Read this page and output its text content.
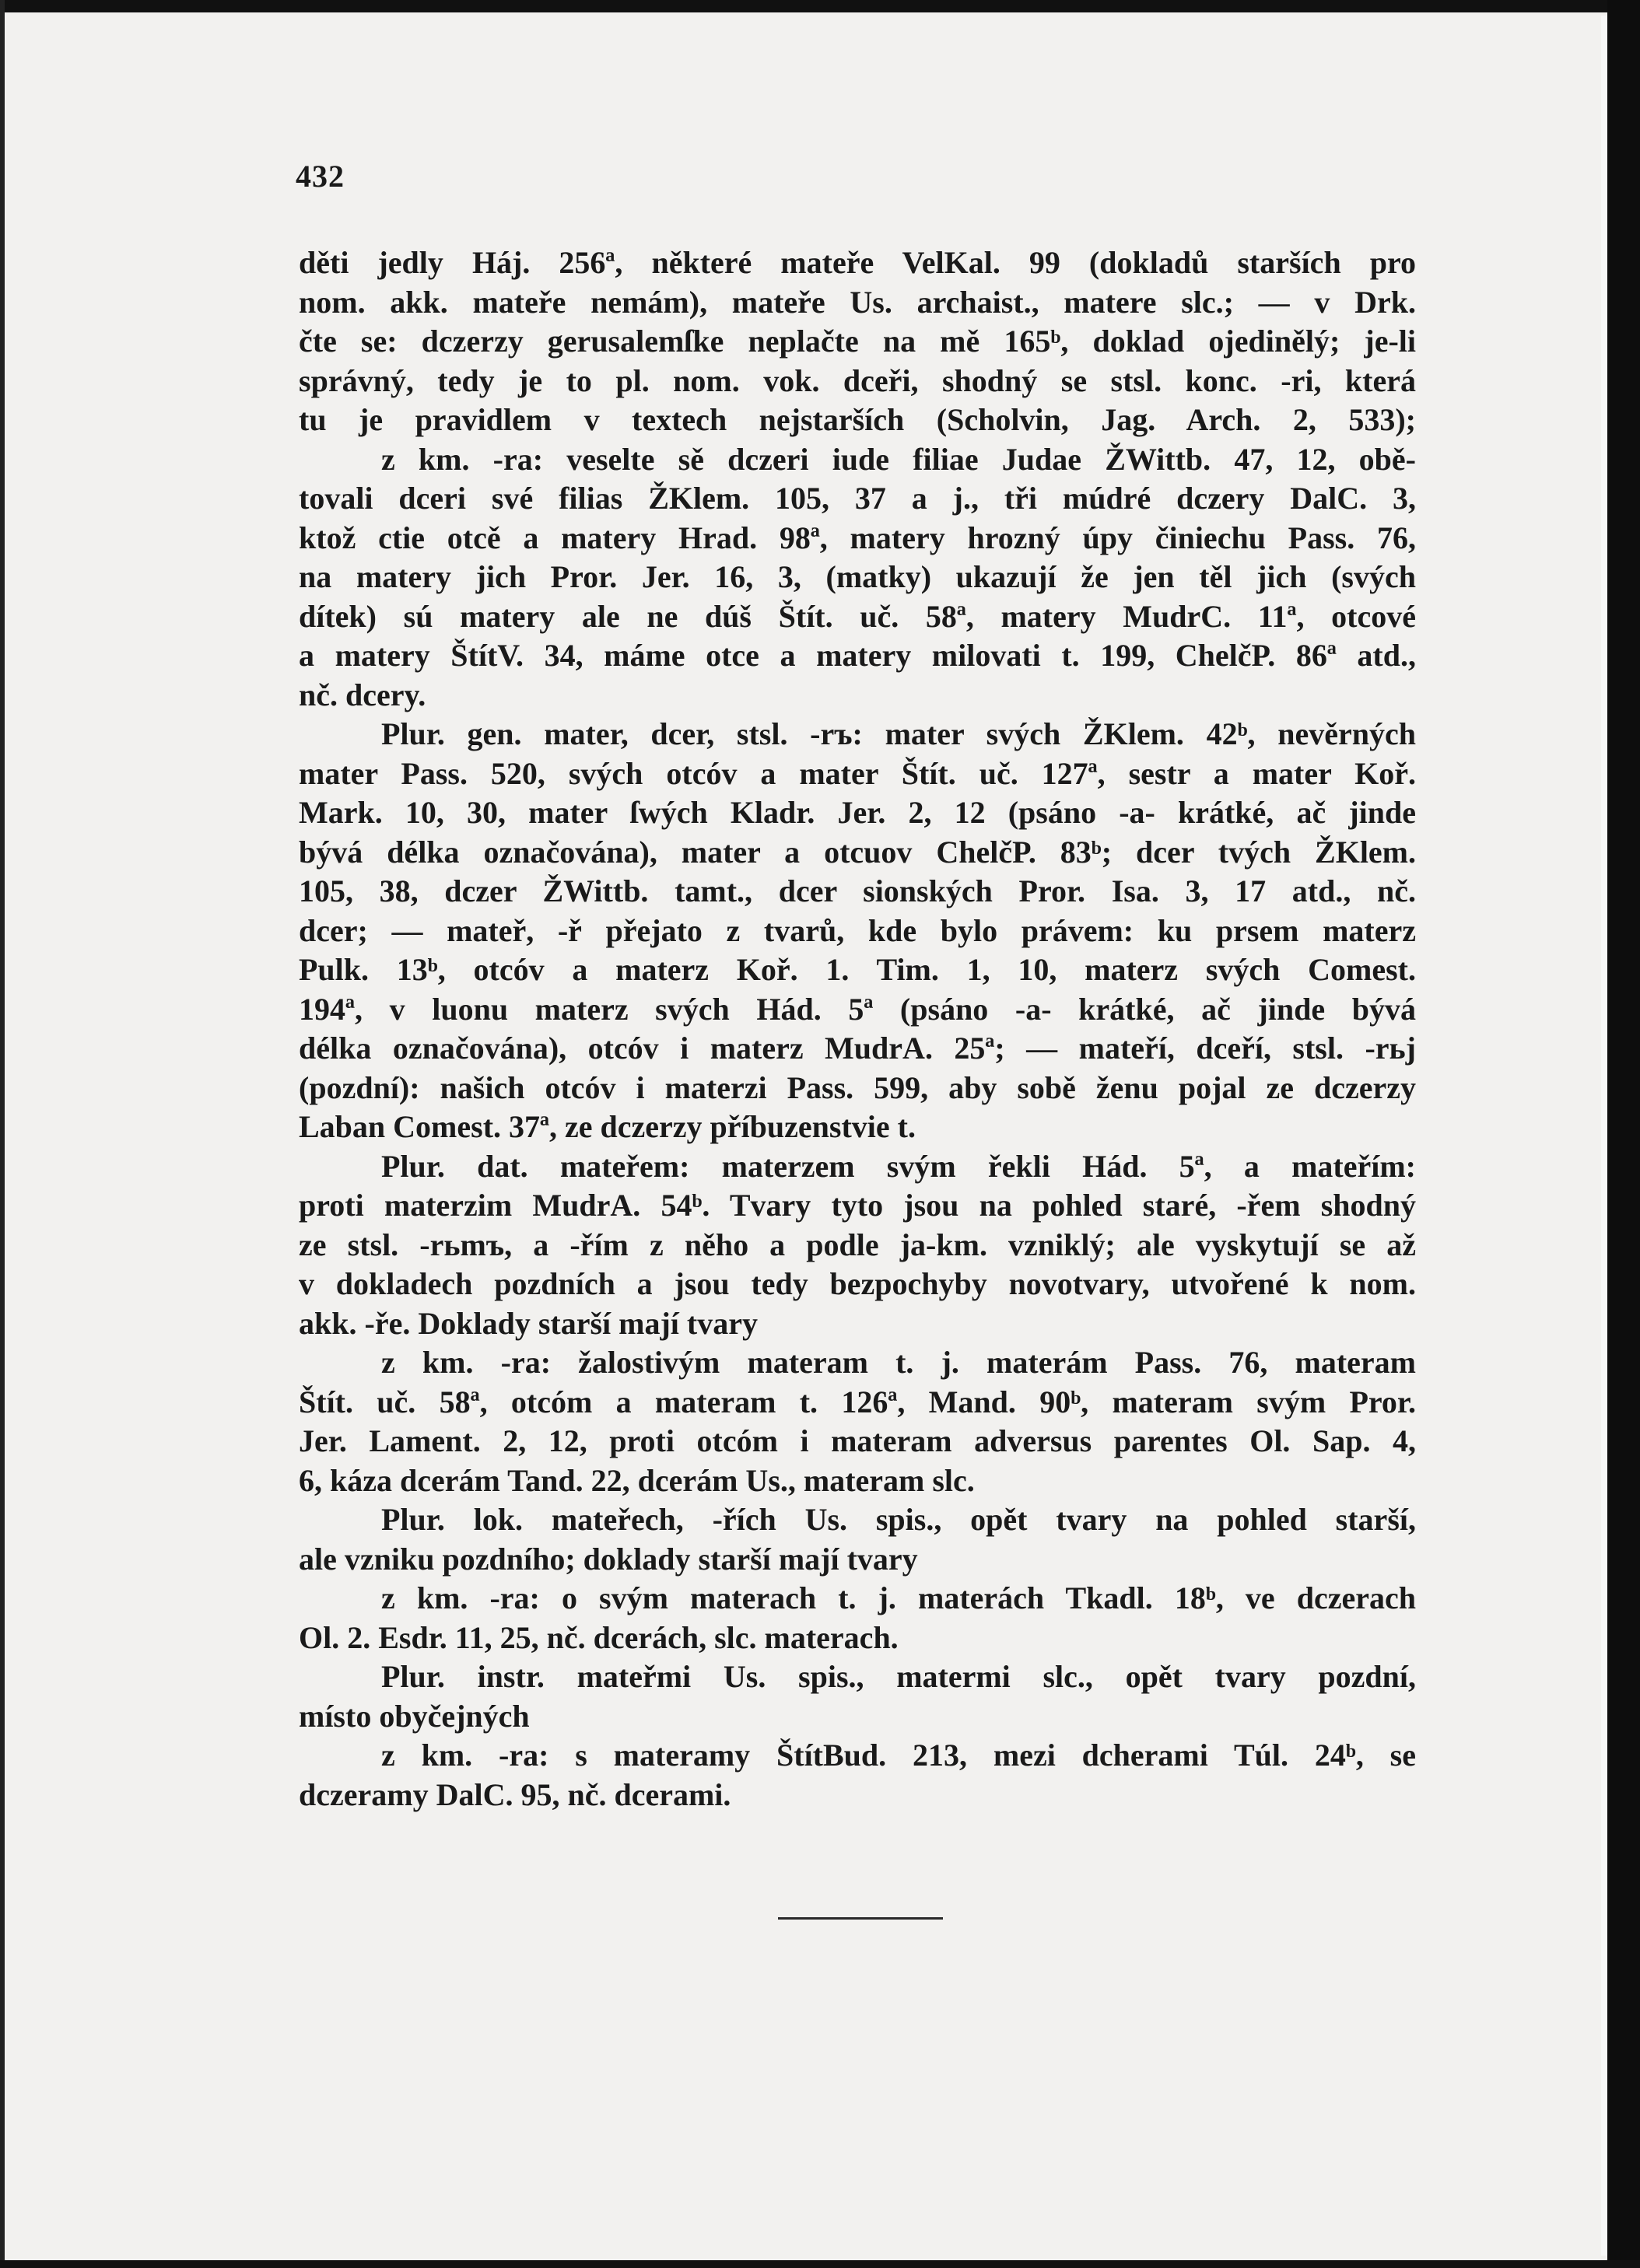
432
děti jedly Háj. 256ª, některé mateře VelKal. 99 (dokladů starších pro
nom. akk. mateře nemám), mateře Us. archaist., matere slc.; — v Drk.
čte se: dczerzy gerusalemſke neplačte na mě 165ᵇ, doklad ojedinělý; je-li
správný, tedy je to pl. nom. vok. dceři, shodný se stsl. konc. -ri, která
tu je pravidlem v textech nejstarších (Scholvin, Jag. Arch. 2, 533);
z km. -ra: veselte sě dczeri iude filiae Judae ŽWittb. 47, 12, obě-
tovali dceri své filias ŽKlem. 105, 37 a j., tři múdré dczery DalC. 3,
ktož ctie otcě a matery Hrad. 98ª, matery hrozný úpy činiechu Pass. 76,
na matery jich Pror. Jer. 16, 3, (matky) ukazují že jen těl jich (svých
dítek) sú matery ale ne dúš Štít. uč. 58ª, matery MudrC. 11ª, otcové
a matery ŠtítV. 34, máme otce a matery milovati t. 199, ChelčP. 86ª atd.,
nč. dcery.
Plur. gen. mater, dcer, stsl. -rъ: mater svých ŽKlem. 42ᵇ, nevěrných
mater Pass. 520, svých otcóv a mater Štít. uč. 127ª, sestr a mater Koř.
Mark. 10, 30, mater ſwých Kladr. Jer. 2, 12 (psáno -a- krátké, ač jinde
bývá délka označována), mater a otcuov ChelčP. 83ᵇ; dcer tvých ŽKlem.
105, 38, dczer ŽWittb. tamt., dcer sionských Pror. Isa. 3, 17 atd., nč.
dcer; — mateř, -ř přejato z tvarů, kde bylo právem: ku prsem materz
Pulk. 13ᵇ, otcóv a materz Koř. 1. Tim. 1, 10, materz svých Comest.
194ª, v luonu materz svých Hád. 5ª (psáno -a- krátké, ač jinde bývá
délka označována), otcóv i materz MudrA. 25ª; — mateří, dceří, stsl. -rьj
(pozdní): našich otcóv i materzi Pass. 599, aby sobě ženu pojal ze dczerzy
Laban Comest. 37ª, ze dczerzy příbuzenstvie t.
Plur. dat. mateřem: materzem svým řekli Hád. 5ª, a mateřím:
proti materzim MudrA. 54ᵇ. Tvary tyto jsou na pohled staré, -řem shodný
ze stsl. -rьmъ, a -řím z něho a podle ja-km. vzniklý; ale vyskytují se až
v dokladech pozdních a jsou tedy bezpochyby novotvary, utvořené k nom.
akk. -ře. Doklady starší mají tvary
z km. -ra: žalostivým materam t. j. materám Pass. 76, materam
Štít. uč. 58ª, otcóm a materam t. 126ª, Mand. 90ᵇ, materam svým Pror.
Jer. Lament. 2, 12, proti otcóm i materam adversus parentes Ol. Sap. 4,
6, káza dcerám Tand. 22, dcerám Us., materam slc.
Plur. lok. mateřech, -řích Us. spis., opět tvary na pohled starší,
ale vzniku pozdního; doklady starší mají tvary
z km. -ra: o svým materach t. j. materách Tkadl. 18ᵇ, ve dczerach
Ol. 2. Esdr. 11, 25, nč. dcerách, slc. materach.
Plur. instr. mateřmi Us. spis., matermi slc., opět tvary pozdní,
místo obyčejných
z km. -ra: s materamy ŠtítBud. 213, mezi dcherami Túl. 24ᵇ, se
dczeramy DalC. 95, nč. dcerami.
